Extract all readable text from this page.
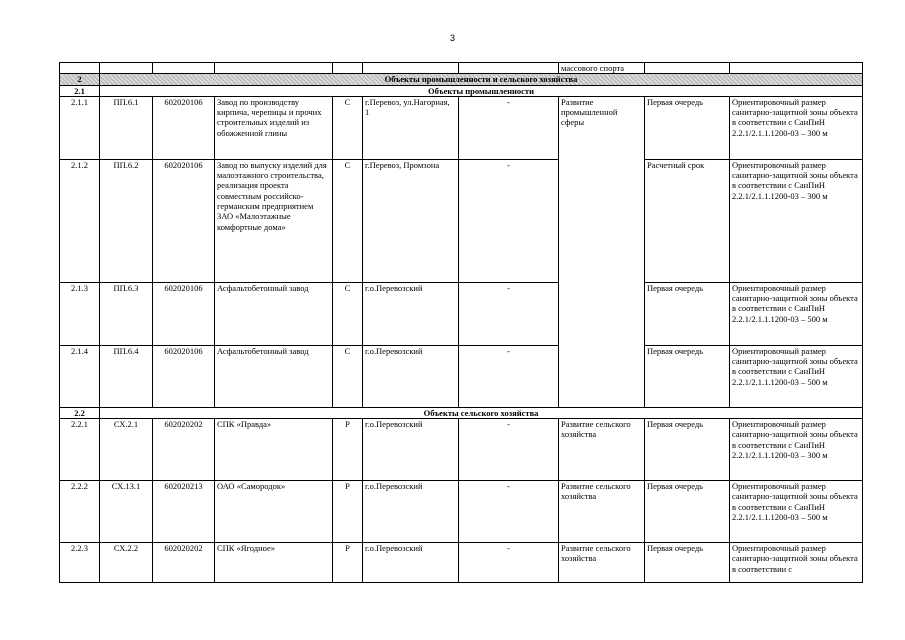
3
							массового спорта		
2	Объекты промышленности и сельского хозяйства								
2.1	Объекты промышленности								
2.1.1	ПП.6.1	602020106	Завод по производству кирпича, черепицы и прочих строительных изделий из обожженной глины	С	г.Перевоз, ул.Нагорная, 1	-	Развитие промышленной сферы	Первая очередь	Ориентировочный размер санитарно-защитной зоны объекта в соответствии с СанПиН 2.2.1/2.1.1.1200-03 – 300 м
2.1.2	ПП.6.2	602020106	Завод по выпуску изделий для малоэтажного строительства, реализация проекта совместным российско-германским предприятием ЗАО «Малоэтажные комфортные дома»	С	г.Перевоз, Промзона	-		Расчетный срок	Ориентировочный размер санитарно-защитной зоны объекта в соответствии с СанПиН 2.2.1/2.1.1.1200-03 – 300 м
2.1.3	ПП.6.3	602020106	Асфальтобетонный завод	С	г.о.Перевозский	-		Первая очередь	Ориентировочный размер санитарно-защитной зоны объекта в соответствии с СанПиН 2.2.1/2.1.1.1200-03 – 500 м
2.1.4	ПП.6.4	602020106	Асфальтобетонный завод	С	г.о.Перевозский	-		Первая очередь	Ориентировочный размер санитарно-защитной зоны объекта в соответствии с СанПиН 2.2.1/2.1.1.1200-03 – 500 м
2.2	Объекты сельского хозяйства								
2.2.1	СХ.2.1	602020202	СПК «Правда»	Р	г.о.Перевозский	-	Развитие сельского хозяйства	Первая очередь	Ориентировочный размер санитарно-защитной зоны объекта в соответствии с СанПиН 2.2.1/2.1.1.1200-03 – 300 м
2.2.2	СХ.13.1	602020213	ОАО «Самородок»	Р	г.о.Перевозский	-	Развитие сельского хозяйства	Первая очередь	Ориентировочный размер санитарно-защитной зоны объекта в соответствии с СанПиН 2.2.1/2.1.1.1200-03 – 500 м
2.2.3	СХ.2.2	602020202	СПК «Ягодное»	Р	г.о.Перевозский	-	Развитие сельского хозяйства	Первая очередь	Ориентировочный размер санитарно-защитной зоны объекта в соответствии с
